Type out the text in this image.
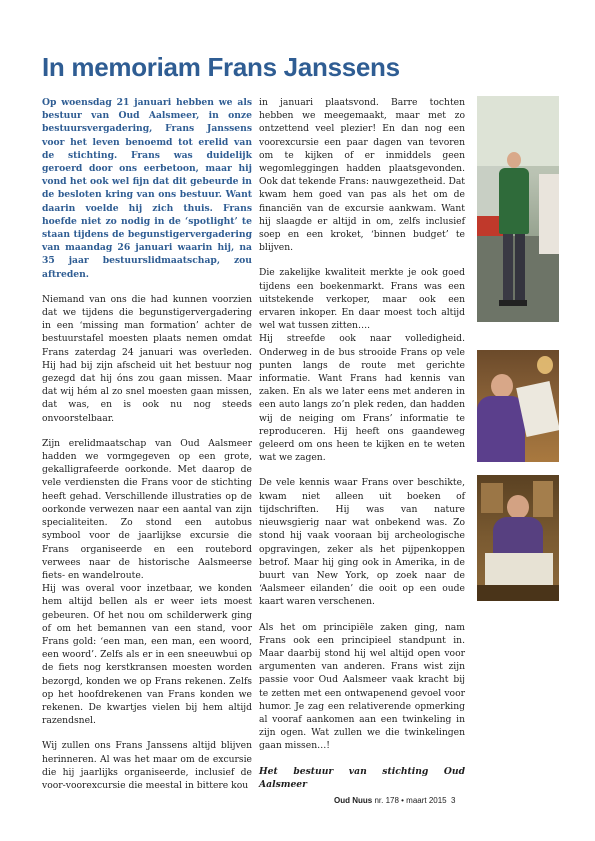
In memoriam Frans Janssens

Op woensdag 21 januari hebben we als bestuur van Oud Aalsmeer, in onze bestuursvergadering, Frans Janssens voor het leven benoemd tot erelid van de stichting. Frans was duidelijk geroerd door ons eerbetoon, maar hij vond het ook wel fijn dat dit gebeurde in de besloten kring van ons bestuur. Want daarin voelde hij zich thuis. Frans hoefde niet zo nodig in de ‘spotlight’ te staan tijdens de begunstigervergadering van maandag 26 januari waarin hij, na 35 jaar bestuurslidmaatschap, zou aftreden.

Niemand van ons die had kunnen voorzien dat we tijdens die begunstigervergadering in een ‘missing man formation’ achter de bestuurstafel moesten plaats nemen omdat Frans zaterdag 24 januari was overleden. Hij had bij zijn afscheid uit het bestuur nog gezegd dat hij óns zou gaan missen. Maar dat wij hém al zo snel moesten gaan missen, dat was, en is ook nu nog steeds onvoorstelbaar.

Zijn erelidmaatschap van Oud Aalsmeer hadden we vormgegeven op een grote, gekalligrafeerde oorkonde. Met daarop de vele verdiensten die Frans voor de stichting heeft gehad. Verschillende illustraties op de oorkonde verwezen naar een aantal van zijn specialiteiten. Zo stond een autobus symbool voor de jaarlijkse excursie die Frans organiseerde en een routebord verwees naar de historische Aalsmeerse fiets- en wandelroute.

Hij was overal voor inzetbaar, we konden hem altijd bellen als er weer iets moest gebeuren. Of het nou om schilderwerk ging of om het bemannen van een stand, voor Frans gold: ‘een man, een man, een woord, een woord’. Zelfs als er in een sneeuwbui op de fiets nog kerstkransen moesten worden bezorgd, konden we op Frans rekenen. Zelfs op het hoofdrekenen van Frans konden we rekenen. De kwartjes vielen bij hem altijd razendsnel.

Wij zullen ons Frans Janssens altijd blijven herinneren. Al was het maar om de excursie die hij jaarlijks organiseerde, inclusief de voor-voorexcursie die meestal in bittere kou

in januari plaatsvond. Barre tochten hebben we meegemaakt, maar met zo ontzettend veel plezier! En dan nog een voorexcursie een paar dagen van tevoren om te kijken of er inmiddels geen wegomleggingen hadden plaatsgevonden. Ook dat tekende Frans: nauwgezetheid. Dat kwam hem goed van pas als het om de financiën van de excursie aankwam. Want hij slaagde er altijd in om, zelfs inclusief soep en een kroket, ‘binnen budget’ te blijven.

Die zakelijke kwaliteit merkte je ook goed tijdens een boekenmarkt. Frans was een uitstekende verkoper, maar ook een ervaren inkoper. En daar moest toch altijd wel wat tussen zitten….

Hij streefde ook naar volledigheid. Onderweg in de bus strooide Frans op vele punten langs de route met gerichte informatie. Want Frans had kennis van zaken. En als we later eens met anderen in een auto langs zo’n plek reden, dan hadden wij de neiging om Frans’ informatie te reproduceren. Hij heeft ons gaandeweg geleerd om ons heen te kijken en te weten wat we zagen.

De vele kennis waar Frans over beschikte, kwam niet alleen uit boeken of tijdschriften. Hij was van nature nieuwsgierig naar wat onbekend was. Zo stond hij vaak vooraan bij archeologische opgravingen, zeker als het pijpenkoppen betrof. Maar hij ging ook in Amerika, in de buurt van New York, op zoek naar de ‘Aalsmeer eilanden’ die ooit op een oude kaart waren verschenen.

Als het om principiële zaken ging, nam Frans ook een principieel standpunt in. Maar daarbij stond hij wel altijd open voor argumenten van anderen. Frans wist zijn passie voor Oud Aalsmeer vaak kracht bij te zetten met een ontwapenend gevoel voor humor. Je zag een relativerende opmerking al vooraf aankomen aan een twinkeling in zijn ogen. Wat zullen we die twinkelingen gaan missen…!

Het bestuur van stichting Oud Aalsmeer

Oud Nuus nr. 178 • maart 2015 3
